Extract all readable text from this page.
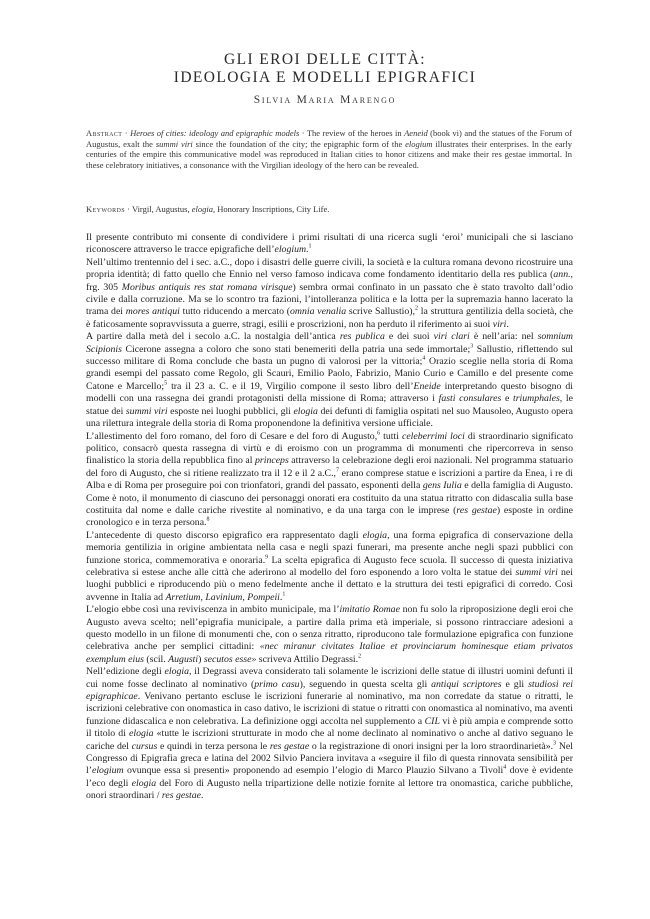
GLI EROI DELLE CITTÀ:
IDEOLOGIA E MODELLI EPIGRAFICI
Silvia Maria Marengo
Abstract · Heroes of cities: ideology and epigraphic models · The review of the heroes in Aeneid (book vi) and the statues of the Forum of Augustus, exalt the summi viri since the foundation of the city; the epigraphic form of the elogium illustrates their enterprises. In the early centuries of the empire this communicative model was reproduced in Italian cities to honor citizens and make their res gestae immortal. In these celebratory initiatives, a consonance with the Virgilian ideology of the hero can be revealed.
Keywords · Virgil, Augustus, elogia, Honorary Inscriptions, City Life.

Il presente contributo mi consente di condividere i primi risultati di una ricerca sugli ‘eroi’ municipali che si lasciano riconoscere attraverso le tracce epigrafiche dell’elogium.$^1$

Nell’ultimo trentennio del i sec. a.C., dopo i disastri delle guerre civili, la società e la cultura romana devono ricostruire una propria identità; di fatto quello che Ennio nel verso famoso indicava come fondamento identitario della res publica (ann., frg. 305 Moribus antiquis res stat romana virisque) sembra ormai confinato in un passato che è stato travolto dall’odio civile e dalla corruzione. Ma se lo scontro tra fazioni, l’intolleranza politica e la lotta per la supremazia hanno lacerato la trama dei mores antiqui tutto riducendo a mercato (omnia venalia scrive Sallustio),$^2$ la struttura gentilizia della società, che è faticosamente sopravvissuta a guerre, stragi, esilii e proscrizioni, non ha perduto il riferimento ai suoi viri.

A partire dalla metà del i secolo a.C. la nostalgia dell’antica res publica e dei suoi viri clari è nell’aria: nel somnium Scipionis Cicerone assegna a coloro che sono stati benemeriti della patria una sede immortale;$^3$ Sallustio, riflettendo sul successo militare di Roma conclude che basta un pugno di valorosi per la vittoria;$^4$ Orazio sceglie nella storia di Roma grandi esempi del passato come Regolo, gli Scauri, Emilio Paolo, Fabrizio, Manio Curio e Camillo e del presente come Catone e Marcello;$^5$ tra il 23 a. C. e il 19, Virgilio compone il sesto libro dell’Eneide interpretando questo bisogno di modelli con una rassegna dei grandi protagonisti della missione di Roma; attraverso i fasti consulares e triumphales, le statue dei summi viri esposte nei luoghi pubblici, gli elogia dei defunti di famiglia ospitati nel suo Mausoleo, Augusto opera una rilettura integrale della storia di Roma proponendone la definitiva versione ufficiale.

L’allestimento del foro romano, del foro di Cesare e del foro di Augusto,$^6$ tutti celeberrimi loci di straordinario significato politico, consacrò questa rassegna di virtù e di eroismo con un programma di monumenti che ripercorreva in senso finalistico la storia della repubblica fino al princeps attraverso la celebrazione degli eroi nazionali. Nel programma statuario del foro di Augusto, che si ritiene realizzato tra il 12 e il 2 a.C.,$^7$ erano comprese statue e iscrizioni a partire da Enea, i re di Alba e di Roma per proseguire poi con trionfatori, grandi del passato, esponenti della gens Iulia e della famiglia di Augusto. Come è noto, il monumento di ciascuno dei personaggi onorati era costituito da una statua ritratto con didascalia sulla base costituita dal nome e dalle cariche rivestite al nominativo, e da una targa con le imprese (res gestae) esposte in ordine cronologico e in terza persona.$^8$

L’antecedente di questo discorso epigrafico era rappresentato dagli elogia, una forma epigrafica di conservazione della memoria gentilizia in origine ambientata nella casa e negli spazi funerari, ma presente anche negli spazi pubblici con funzione storica, commemorativa e onoraria.$^9$ La scelta epigrafica di Augusto fece scuola. Il successo di questa iniziativa celebrativa si estese anche alle città che aderirono al modello del foro esponendo a loro volta le statue dei summi viri nei luoghi pubblici e riproducendo più o meno fedelmente anche il dettato e la struttura dei testi epigrafici di corredo. Così avvenne in Italia ad Arretium, Lavinium, Pompeii.$^1$

L’elogio ebbe così una reviviscenza in ambito municipale, ma l’imitatio Romae non fu solo la riproposizione degli eroi che Augusto aveva scelto; nell’epigrafia municipale, a partire dalla prima età imperiale, si possono rintracciare adesioni a questo modello in un filone di monumenti che, con o senza ritratto, riproducono tale formulazione epigrafica con funzione celebrativa anche per semplici cittadini: «nec miranur civitates Italiae et provinciarum hominesque etiam privatos exemplum eius (scil. Augusti) secutos esse» scriveva Attilio Degrassi.$^2$

Nell’edizione degli elogia, il Degrassi aveva considerato tali solamente le iscrizioni delle statue di illustri uomini defunti il cui nome fosse declinato al nominativo (primo casu), seguendo in questa scelta gli antiqui scriptores e gli studiosi rei epigraphicae. Venivano pertanto escluse le iscrizioni funerarie al nominativo, ma non corredate da statue o ritratti, le iscrizioni celebrative con onomastica in caso dativo, le iscrizioni di statue o ritratti con onomastica al nominativo, ma aventi funzione didascalica e non celebrativa. La definizione oggi accolta nel supplemento a CIL vi è più ampia e comprende sotto il titolo di elogia «tutte le iscrizioni strutturate in modo che al nome declinato al nominativo o anche al dativo seguano le cariche del cursus e quindi in terza persona le res gestae o la registrazione di onori insigni per la loro straordinarietà».$^3$ Nel Congresso di Epigrafia greca e latina del 2002 Silvio Panciera invitava a «seguire il filo di questa rinnovata sensibilità per l’elogium ovunque essa si presenti» proponendo ad esempio l’elogio di Marco Plauzio Silvano a Tivoli$^4$ dove è evidente l’eco degli elogia del Foro di Augusto nella tripartizione delle notizie fornite al lettore tra onomastica, cariche pubbliche, onori straordinari / res gestae.
